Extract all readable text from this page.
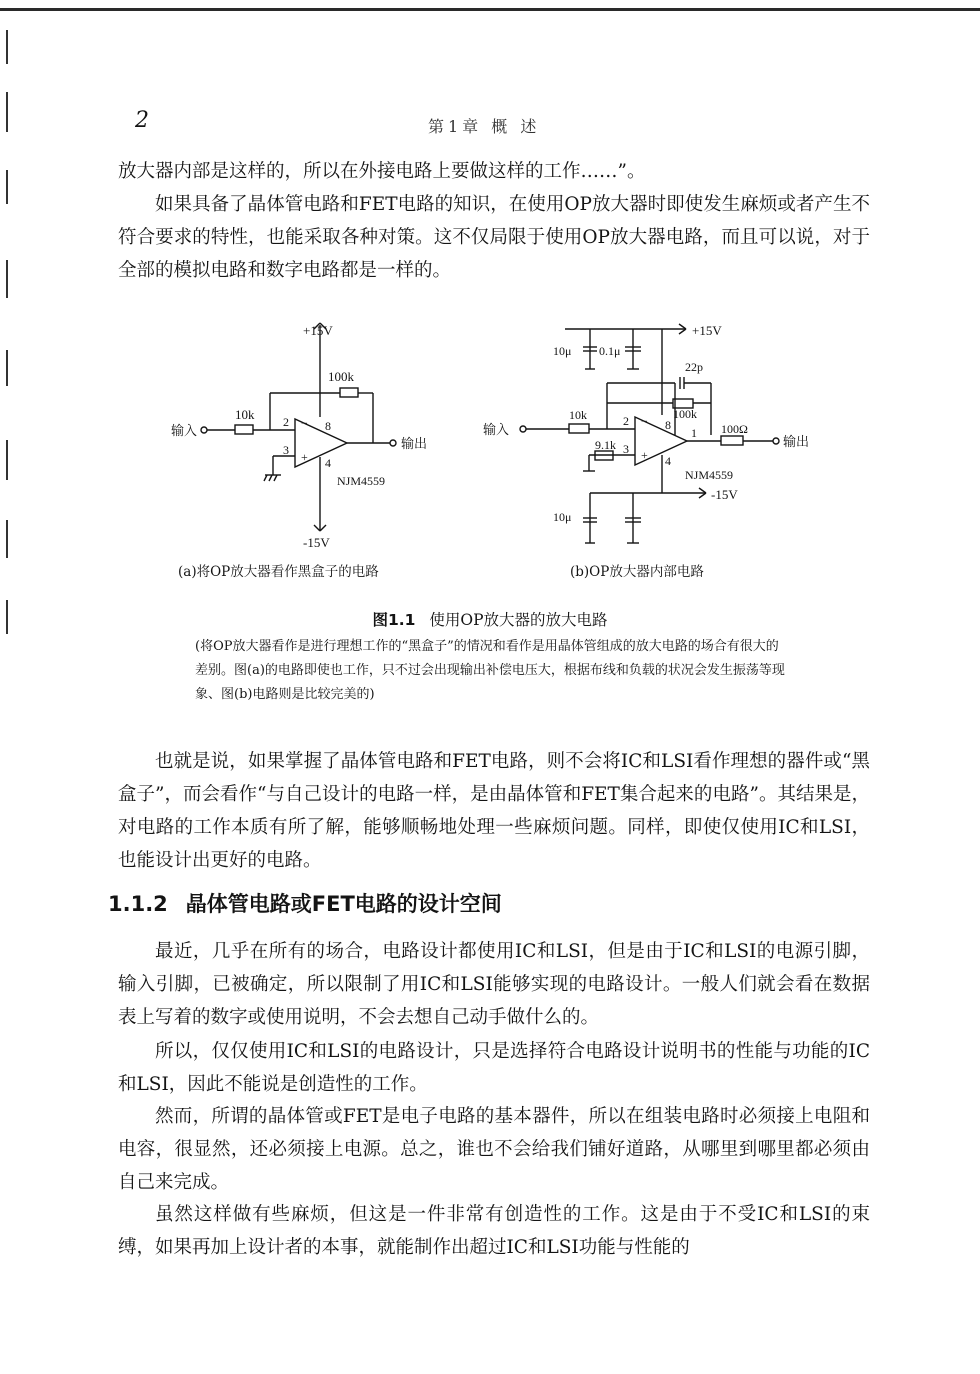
2	第1章 概 述

放大器内部是这样的，所以在外接电路上要做这样的工作……”。

如果具备了晶体管电路和FET电路的知识，在使用OP放大器时即使发生麻烦或者产生不符合要求的特性，也能采取各种对策。这不仅局限于使用OP放大器电路，而且可以说，对于全部的模拟电路和数字电路都是一样的。

+15V
100k
10k 2
3
8
4
输入
输出
NJM4559
-15V
−
+
10μ 0.1μ
+15V
22p
100k
10k
9.1k
2
3
8
4
1 100Ω
输入
输出
NJM4559
-15V
10μ
−
+
(a)将OP放大器看作黑盒子的电路	(b)OP放大器内部电路
图1.1 使用OP放大器的放大电路

(将OP放大器看作是进行理想工作的“黑盒子”的情况和看作是用晶体管组成的放大电路的场合有很大的差别。图(a)的电路即使也工作，只不过会出现输出补偿电压大，根据布线和负载的状况会发生振荡等现象、图(b)电路则是比较完美的)

也就是说，如果掌握了晶体管电路和FET电路，则不会将IC和LSI看作理想的器件或“黑盒子”，而会看作“与自己设计的电路一样，是由晶体管和FET集合起来的电路”。其结果是，对电路的工作本质有所了解，能够顺畅地处理一些麻烦问题。同样，即使仅使用IC和LSI，也能设计出更好的电路。

1.1.2 晶体管电路或FET电路的设计空间

最近，几乎在所有的场合，电路设计都使用IC和LSI，但是由于IC和LSI的电源引脚，输入引脚，已被确定，所以限制了用IC和LSI能够实现的电路设计。一般人们就会看在数据表上写着的数字或使用说明，不会去想自己动手做什么的。

所以，仅仅使用IC和LSI的电路设计，只是选择符合电路设计说明书的性能与功能的IC和LSI，因此不能说是创造性的工作。

然而，所谓的晶体管或FET是电子电路的基本器件，所以在组装电路时必须接上电阻和电容，很显然，还必须接上电源。总之，谁也不会给我们铺好道路，从哪里到哪里都必须由自己来完成。

虽然这样做有些麻烦，但这是一件非常有创造性的工作。这是由于不受IC和LSI的束缚，如果再加上设计者的本事，就能制作出超过IC和LSI功能与性能的
